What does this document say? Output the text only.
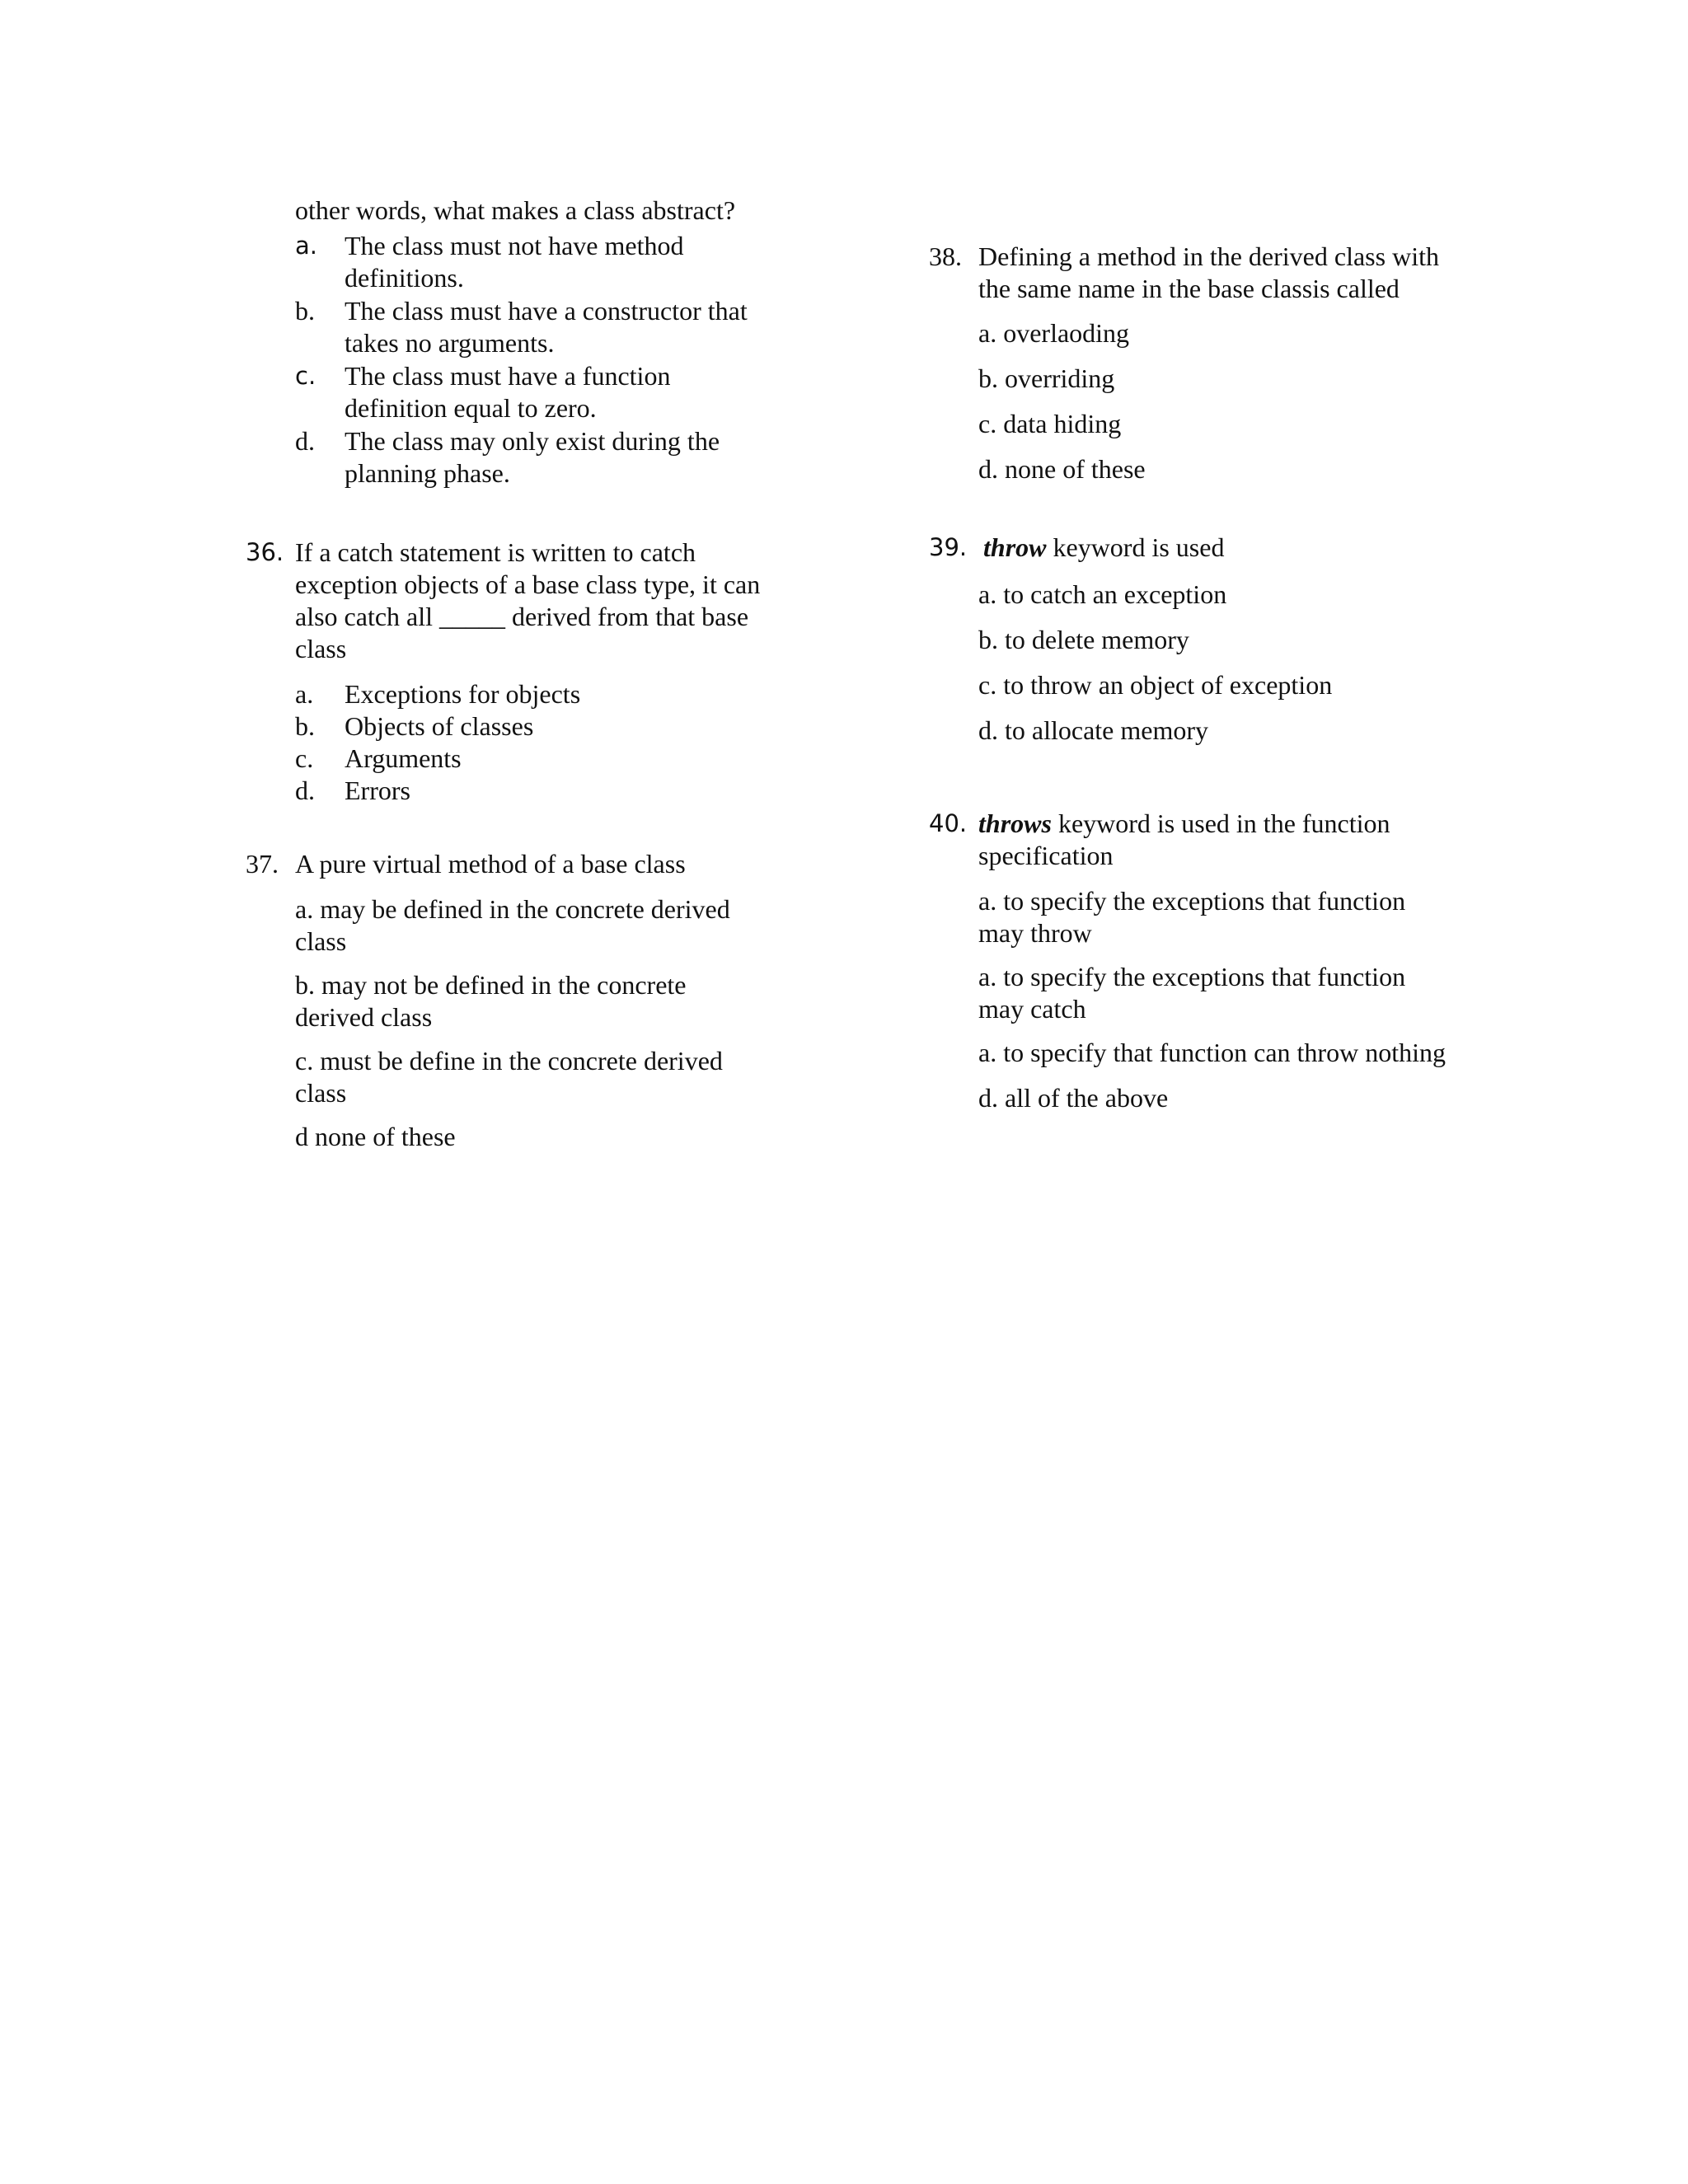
other words, what makes a class abstract?
a.	The class must not have method
definitions.
b.	The class must have a constructor that
takes no arguments.
c.	The class must have a function
definition equal to zero.
d.	The class may only exist during the
planning phase.
36. If a catch statement is written to catch
exception objects of a base class type, it can
also catch all _____ derived from that base
class
a.	Exceptions for objects
b.	Objects of classes
c.	Arguments
d.	Errors
37. A pure virtual method of a base class
a. may be defined in the concrete derived
class
b. may not be defined in the concrete
derived class
c. must be define in the concrete derived
class
d none of these
38. Defining a method in the derived class with
the same name in the base classis called
a. overlaoding
b. overriding
c. data hiding
d. none of these
39. throw keyword is used
a. to catch an exception
b. to delete memory
c. to throw an object of exception
d. to allocate memory
40. throws keyword is used in the function
specification
a. to specify the exceptions that function
may throw
a. to specify the exceptions that function
may catch
a. to specify that function can throw nothing
d. all of the above
